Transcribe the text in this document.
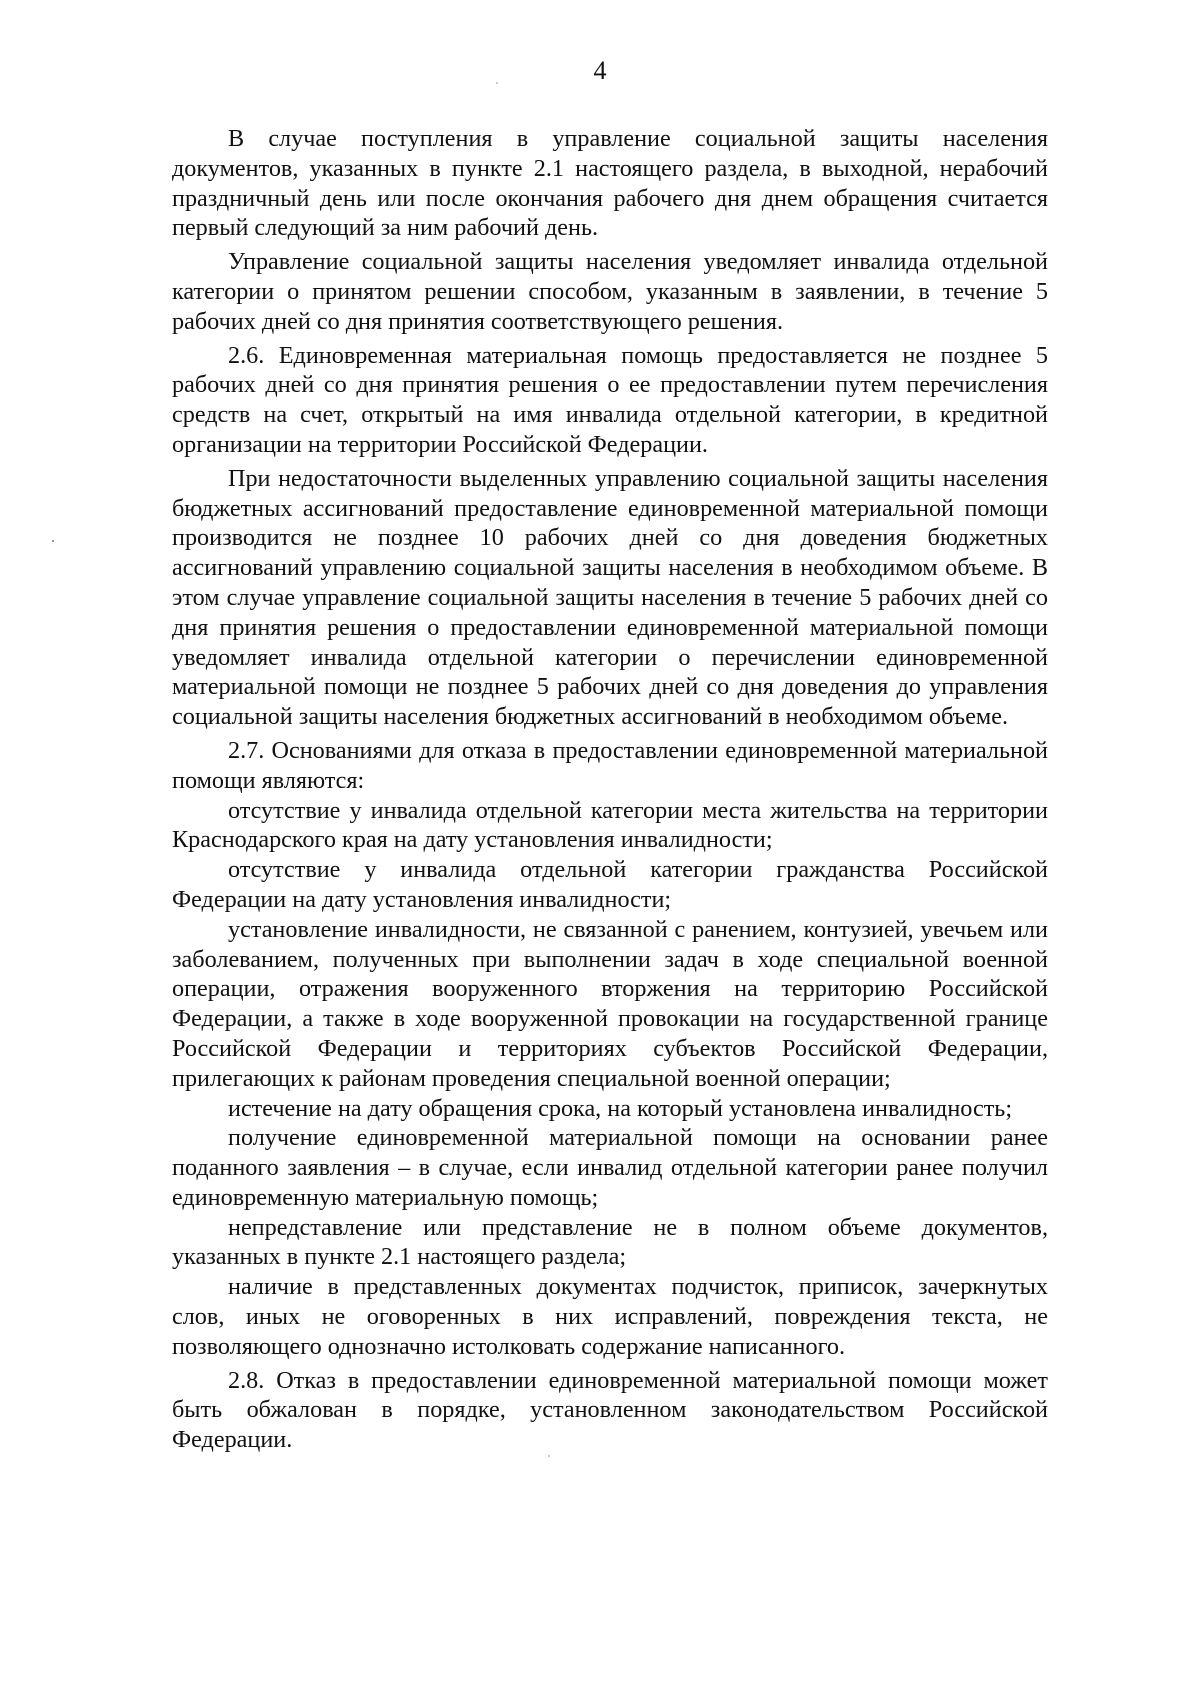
4

В случае поступления в управление социальной защиты населения документов, указанных в пункте 2.1 настоящего раздела, в выходной, нерабочий праздничный день или после окончания рабочего дня днем обращения считается первый следующий за ним рабочий день.

Управление социальной защиты населения уведомляет инвалида отдельной категории о принятом решении способом, указанным в заявлении, в течение 5 рабочих дней со дня принятия соответствующего решения.

2.6. Единовременная материальная помощь предоставляется не позднее 5 рабочих дней со дня принятия решения о ее предоставлении путем перечисления средств на счет, открытый на имя инвалида отдельной категории, в кредитной организации на территории Российской Федерации.

При недостаточности выделенных управлению социальной защиты населения бюджетных ассигнований предоставление единовременной материальной помощи производится не позднее 10 рабочих дней со дня доведения бюджетных ассигнований управлению социальной защиты населения в необходимом объеме. В этом случае управление социальной защиты населения в течение 5 рабочих дней со дня принятия решения о предоставлении единовременной материальной помощи уведомляет инвалида отдельной категории о перечислении единовременной материальной помощи не позднее 5 рабочих дней со дня доведения до управления социальной защиты населения бюджетных ассигнований в необходимом объеме.

2.7. Основаниями для отказа в предоставлении единовременной материальной помощи являются:

отсутствие у инвалида отдельной категории места жительства на территории Краснодарского края на дату установления инвалидности;

отсутствие у инвалида отдельной категории гражданства Российской Федерации на дату установления инвалидности;

установление инвалидности, не связанной с ранением, контузией, увечьем или заболеванием, полученных при выполнении задач в ходе специальной военной операции, отражения вооруженного вторжения на территорию Российской Федерации, а также в ходе вооруженной провокации на государственной границе Российской Федерации и территориях субъектов Российской Федерации, прилегающих к районам проведения специальной военной операции;

истечение на дату обращения срока, на который установлена инвалидность;

получение единовременной материальной помощи на основании ранее поданного заявления – в случае, если инвалид отдельной категории ранее получил единовременную материальную помощь;

непредставление или представление не в полном объеме документов, указанных в пункте 2.1 настоящего раздела;

наличие в представленных документах подчисток, приписок, зачеркнутых слов, иных не оговоренных в них исправлений, повреждения текста, не позволяющего однозначно истолковать содержание написанного.

2.8. Отказ в предоставлении единовременной материальной помощи может быть обжалован в порядке, установленном законодательством Российской Федерации.
